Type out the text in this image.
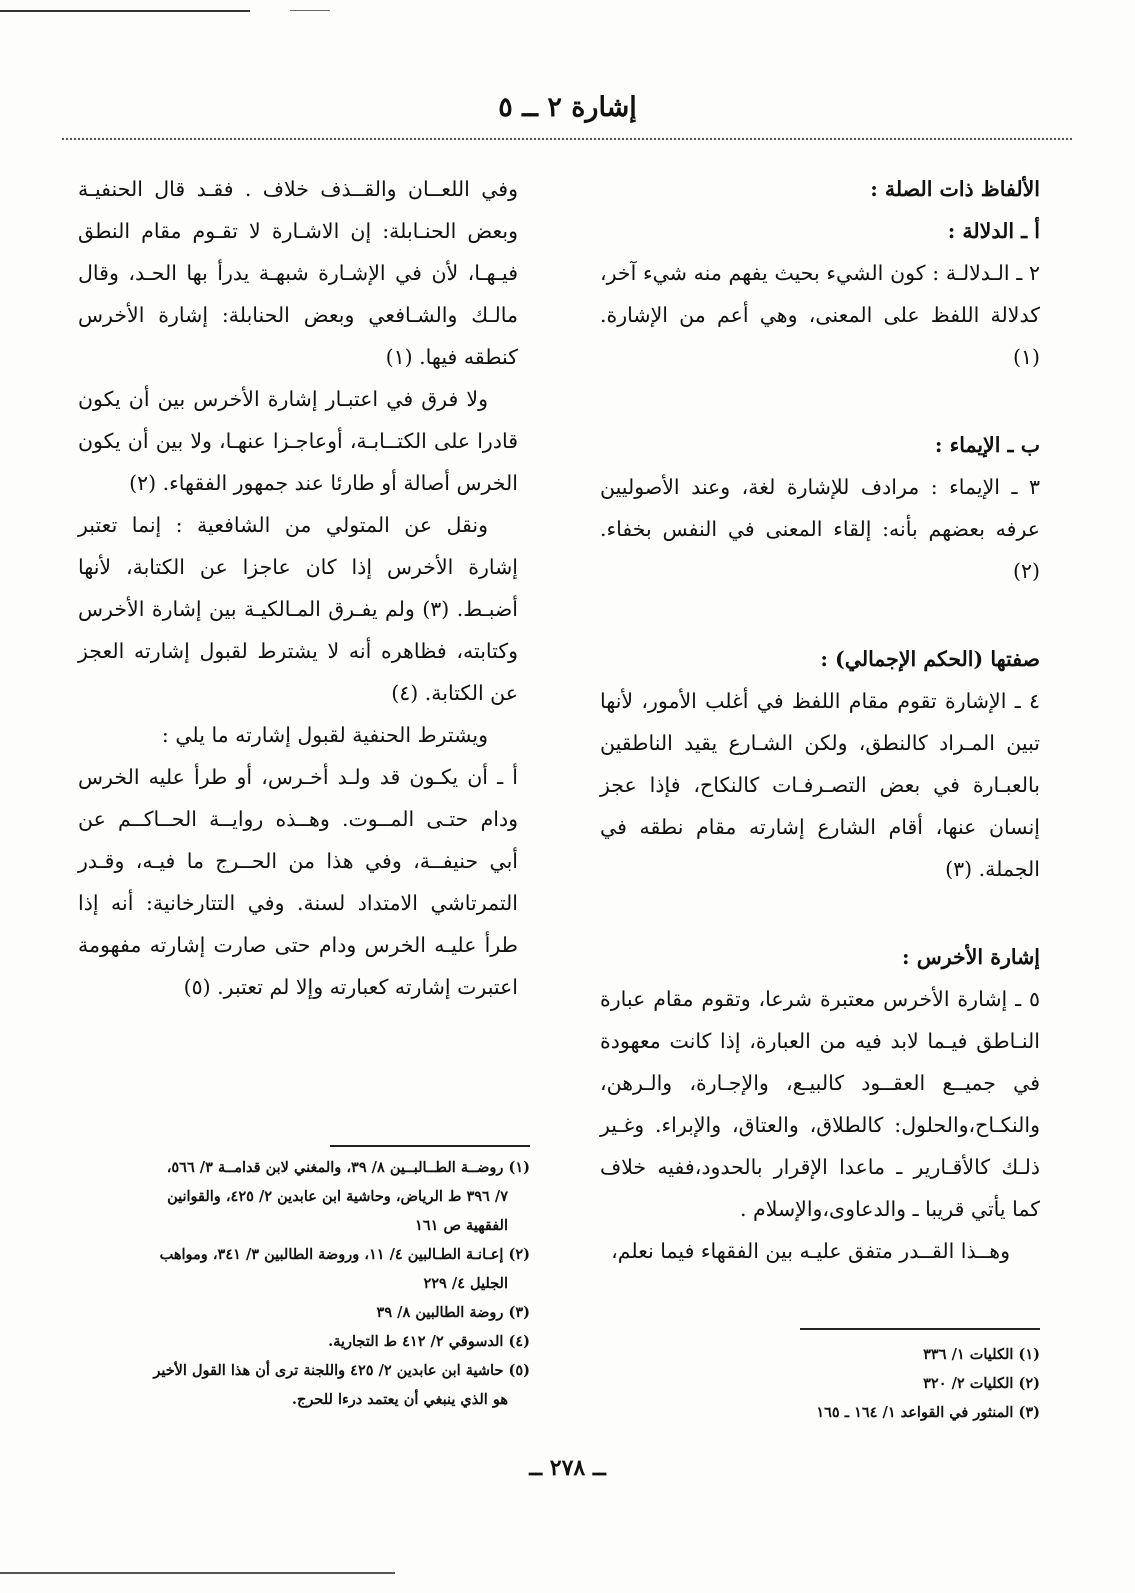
إشارة ٢ ــ ٥

الألفاظ ذات الصلة :

أ ـ الدلالة :

٢ ـ الـدلالـة : كون الشيء بحيث يفهم منه شيء آخر، كدلالة اللفظ على المعنى، وهي أعم من الإشارة. (١)

ب ـ الإيماء :

٣ ـ الإيماء : مرادف للإشارة لغة، وعند الأصوليين عرفه بعضهم بأنه: إلقاء المعنى في النفس بخفاء. (٢)

صفتها (الحكم الإجمالي) :

٤ ـ الإشارة تقوم مقام اللفظ في أغلب الأمور، لأنها تبين المـراد كالنطق، ولكن الشـارع يقيد الناطقين بالعبـارة في بعض التصـرفـات كالنكاح، فإذا عجز إنسان عنها، أقام الشارع إشارته مقام نطقه في الجملة. (٣)

إشارة الأخرس :

٥ ـ إشارة الأخرس معتبرة شرعا، وتقوم مقام عبارة النـاطق فيـما لابد فيه من العبارة، إذا كانت معهودة في جميــع العقــود كالبيـع، والإجـارة، والـرهن، والنكـاح،والحلول: كالطلاق، والعتاق، والإبراء. وغـير ذلـك كالأقـارير ـ ماعدا الإقرار بالحدود،ففيه خلاف كما يأتي قريبا ـ والدعاوى،والإسلام .

وهــذا القــدر متفق عليـه بين الفقهاء فيما نعلم،

وفي اللعــان والقــذف خلاف . فقـد قال الحنفيـة وبعض الحنـابلة: إن الاشـارة لا تقـوم مقام النطق فيـهـا، لأن في الإشـارة شبهـة يدرأ بها الحـد، وقال مالـك والشـافعي وبعض الحنابلة: إشارة الأخرس كنطقه فيها. (١)

ولا فرق في اعتبـار إشارة الأخرس بين أن يكون قادرا على الكتــابـة، أوعاجـزا عنهـا، ولا بين أن يكون الخرس أصالة أو طارئا عند جمهور الفقهاء. (٢)

ونقل عن المتولي من الشافعية : إنما تعتبر إشارة الأخرس إذا كان عاجزا عن الكتابة، لأنها أضبـط. (٣) ولم يفـرق المـالكيـة بين إشارة الأخرس وكتابته، فظاهره أنه لا يشترط لقبول إشارته العجز عن الكتابة. (٤)

ويشترط الحنفية لقبول إشارته ما يلي :

أ ـ أن يكـون قد ولـد أخـرس، أو طرأ عليه الخرس ودام حتـى المــوت. وهــذه روايــة الحــاكــم عن أبي حنيفــة، وفي هذا من الحــرج ما فيـه، وقـدر التمرتاشي الامتداد لسنة. وفي التتارخانية: أنه إذا طرأ عليـه الخرس ودام حتى صارت إشارته مفهومة اعتبرت إشارته كعبارته وإلا لم تعتبر. (٥)

(١) روضــة الطــالبــين ٨/ ٣٩، والمغني لابن قدامــة ٣/ ٥٦٦،

٧/ ٣٩٦ ط الرياض، وحاشية ابن عابدين ٢/ ٤٢٥، والقوانين

الفقهية ص ١٦١

(٢) إعـانـة الطـالبين ٤/ ١١، وروضة الطالبين ٣/ ٣٤١، ومواهب

الجليل ٤/ ٢٢٩

(٣) روضة الطالبين ٨/ ٣٩

(٤) الدسوقي ٢/ ٤١٢ ط التجارية.

(٥) حاشية ابن عابدين ٢/ ٤٢٥ واللجنة ترى أن هذا القول الأخير

هو الذي ينبغي أن يعتمد درءا للحرج.

(١) الكليات ١/ ٣٣٦

(٢) الكليات ٢/ ٣٢٠

(٣) المنثور في القواعد ١/ ١٦٤ ـ ١٦٥

ــ ٢٧٨ ــ
